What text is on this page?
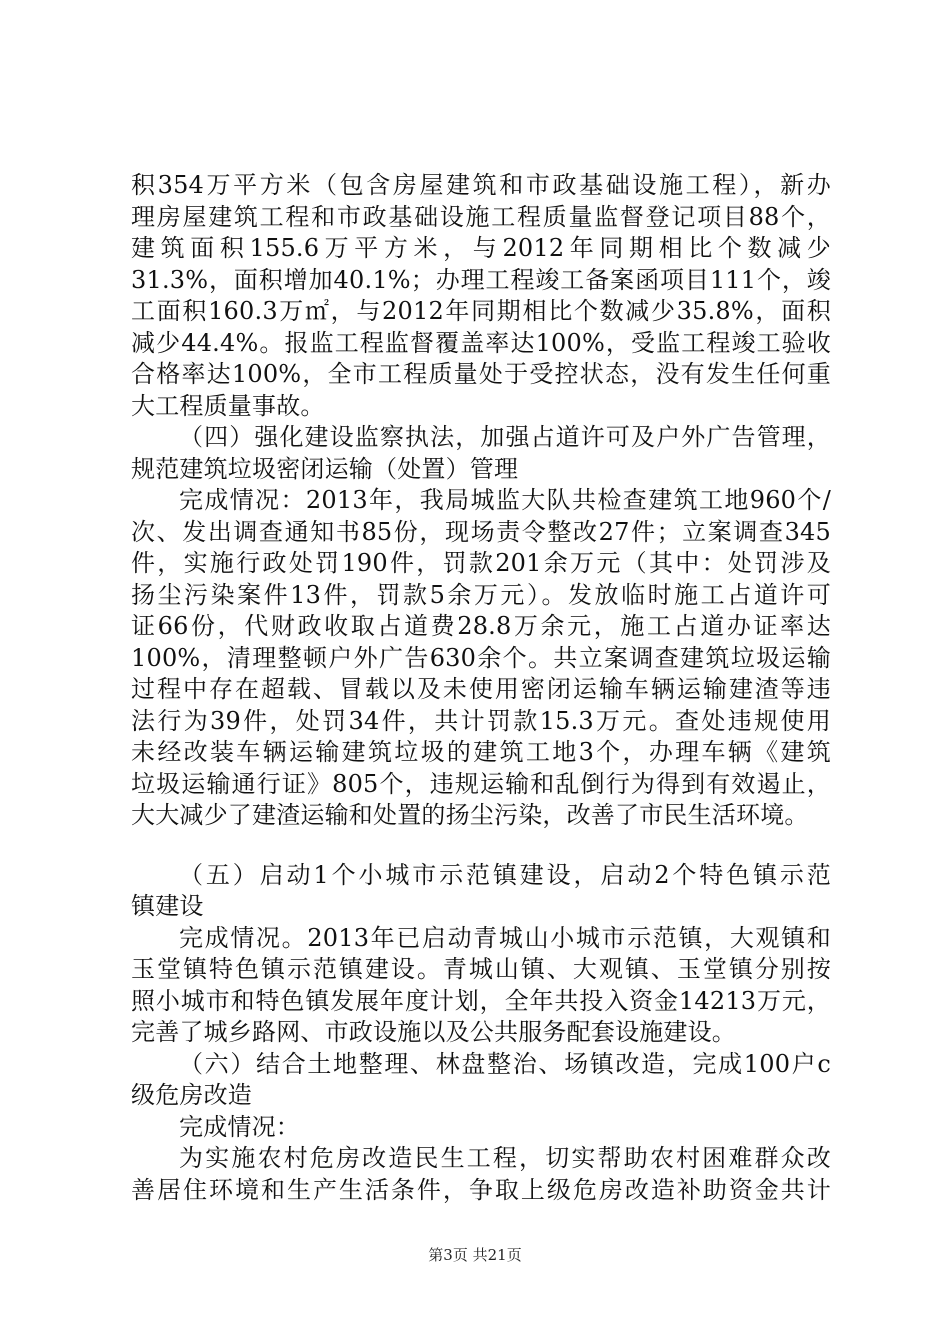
积354万平方米（包含房屋建筑和市政基础设施工程），新办
理房屋建筑工程和市政基础设施工程质量监督登记项目88个，
建筑面积155.6万平方米，与2012年同期相比个数减少
31.3%，面积增加40.1%；办理工程竣工备案函项目111个，竣
工面积160.3万㎡，与2012年同期相比个数减少35.8%，面积
减少44.4%。报监工程监督覆盖率达100%，受监工程竣工验收
合格率达100%，全市工程质量处于受控状态，没有发生任何重
大工程质量事故。
（四）强化建设监察执法，加强占道许可及户外广告管理，
规范建筑垃圾密闭运输（处置）管理
完成情况：2013年，我局城监大队共检查建筑工地960个/
次、发出调查通知书85份，现场责令整改27件；立案调查345
件，实施行政处罚190件，罚款201余万元（其中：处罚涉及
扬尘污染案件13件，罚款5余万元）。发放临时施工占道许可
证66份，代财政收取占道费28.8万余元，施工占道办证率达
100%，清理整顿户外广告630余个。共立案调查建筑垃圾运输
过程中存在超载、冒载以及未使用密闭运输车辆运输建渣等违
法行为39件，处罚34件，共计罚款15.3万元。查处违规使用
未经改装车辆运输建筑垃圾的建筑工地3个，办理车辆《建筑
垃圾运输通行证》805个，违规运输和乱倒行为得到有效遏止，
大大减少了建渣运输和处置的扬尘污染，改善了市民生活环境。
（五）启动1个小城市示范镇建设，启动2个特色镇示范
镇建设
完成情况。2013年已启动青城山小城市示范镇，大观镇和
玉堂镇特色镇示范镇建设。青城山镇、大观镇、玉堂镇分别按
照小城市和特色镇发展年度计划，全年共投入资金14213万元，
完善了城乡路网、市政设施以及公共服务配套设施建设。
（六）结合土地整理、林盘整治、场镇改造，完成100户c
级危房改造
完成情况：
为实施农村危房改造民生工程，切实帮助农村困难群众改
善居住环境和生产生活条件，争取上级危房改造补助资金共计
第3页 共21页
